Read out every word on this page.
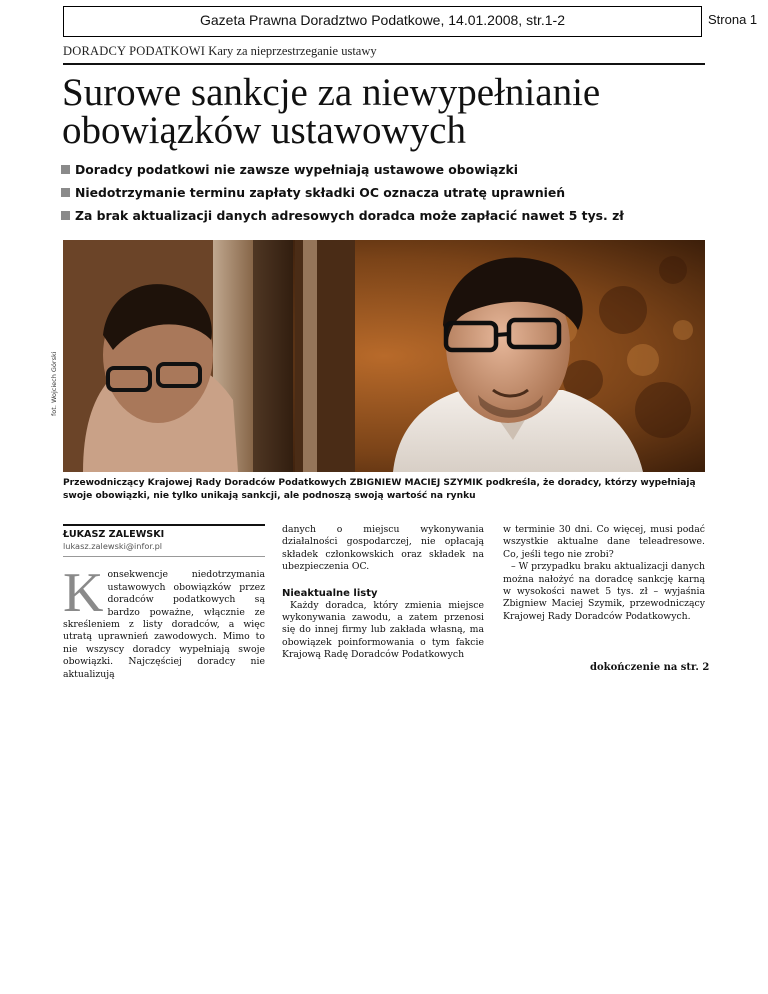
Gazeta Prawna Doradztwo Podatkowe, 14.01.2008, str.1-2	Strona 1
DORADCY PODATKOWI Kary za nieprzestrzeganie ustawy
Surowe sankcje za niewypełnianie
obowiązków ustawowych
Doradcy podatkowi nie zawsze wypełniają ustawowe obowiązki
Niedotrzymanie terminu zapłaty składki OC oznacza utratę uprawnień
Za brak aktualizacji danych adresowych doradca może zapłacić nawet 5 tys. zł
fot. Wojciech Górski

Przewodniczący Krajowej Rady Doradców Podatkowych ZBIGNIEW MACIEJ SZYMIK podkreśla, że doradcy, którzy wypełniają swoje obowiązki, nie tylko unikają sankcji, ale podnoszą swoją wartość na rynku

ŁUKASZ ZALEWSKI
lukasz.zalewski@infor.pl
K onsekwencje niedotrzymania ustawowych obowiązków przez doradców podatkowych są bardzo poważne, włącznie ze skreśleniem z listy doradców, a więc utratą uprawnień zawodowych. Mimo to nie wszyscy doradcy wypełniają swoje obowiązki. Najczęściej doradcy nie aktualizują

danych o miejscu wykonywania działalności gospodarczej, nie opłacają składek członkowskich oraz składek na ubezpieczenia OC.

Nieaktualne listy

Każdy doradca, który zmienia miejsce wykonywania zawodu, a zatem przenosi się do innej firmy lub zakłada własną, ma obowiązek poinformowania o tym fakcie Krajową Radę Doradców Podatkowych

w terminie 30 dni. Co więcej, musi podać wszystkie aktualne dane teleadresowe. Co, jeśli tego nie zrobi?

– W przypadku braku aktualizacji danych można nałożyć na doradcę sankcję karną w wysokości nawet 5 tys. zł – wyjaśnia Zbigniew Maciej Szymik, przewodniczący Krajowej Rady Doradców Podatkowych.

dokończenie na str. 2
